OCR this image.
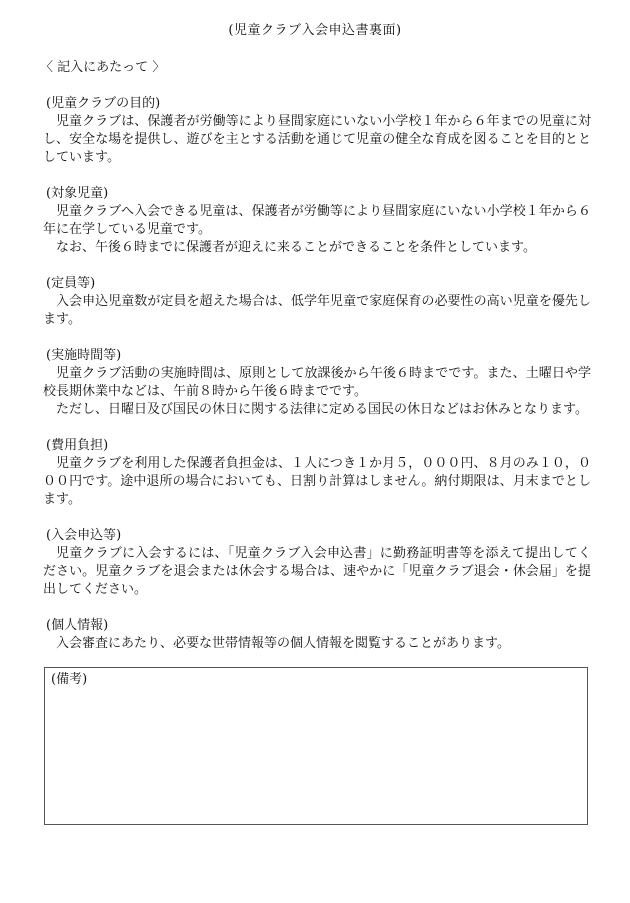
(児童クラブ入会申込書裏面)
〈 記入にあたって 〉
(児童クラブの目的)
児童クラブは、保護者が労働等により昼間家庭にいない小学校１年から６年までの児童に対し、安全な場を提供し、遊びを主とする活動を通じて児童の健全な育成を図ることを目的ととしています。
(対象児童)
児童クラブへ入会できる児童は、保護者が労働等により昼間家庭にいない小学校１年から６年に在学している児童です。
なお、午後６時までに保護者が迎えに来ることができることを条件としています。
(定員等)
入会申込児童数が定員を超えた場合は、低学年児童で家庭保育の必要性の高い児童を優先します。
(実施時間等)
児童クラブ活動の実施時間は、原則として放課後から午後６時までです。また、土曜日や学校長期休業中などは、午前８時から午後６時までです。
ただし、日曜日及び国民の休日に関する法律に定める国民の休日などはお休みとなります。
(費用負担)
児童クラブを利用した保護者負担金は、１人につき１か月５，０００円、８月のみ１０，０００円です。途中退所の場合においても、日割り計算はしません。納付期限は、月末までとします。
(入会申込等)
児童クラブに入会するには、「児童クラブ入会申込書」に勤務証明書等を添えて提出してください。児童クラブを退会または休会する場合は、速やかに「児童クラブ退会・休会届」を提出してください。
(個人情報)
入会審査にあたり、必要な世帯情報等の個人情報を閲覧することがあります。
(備考)
